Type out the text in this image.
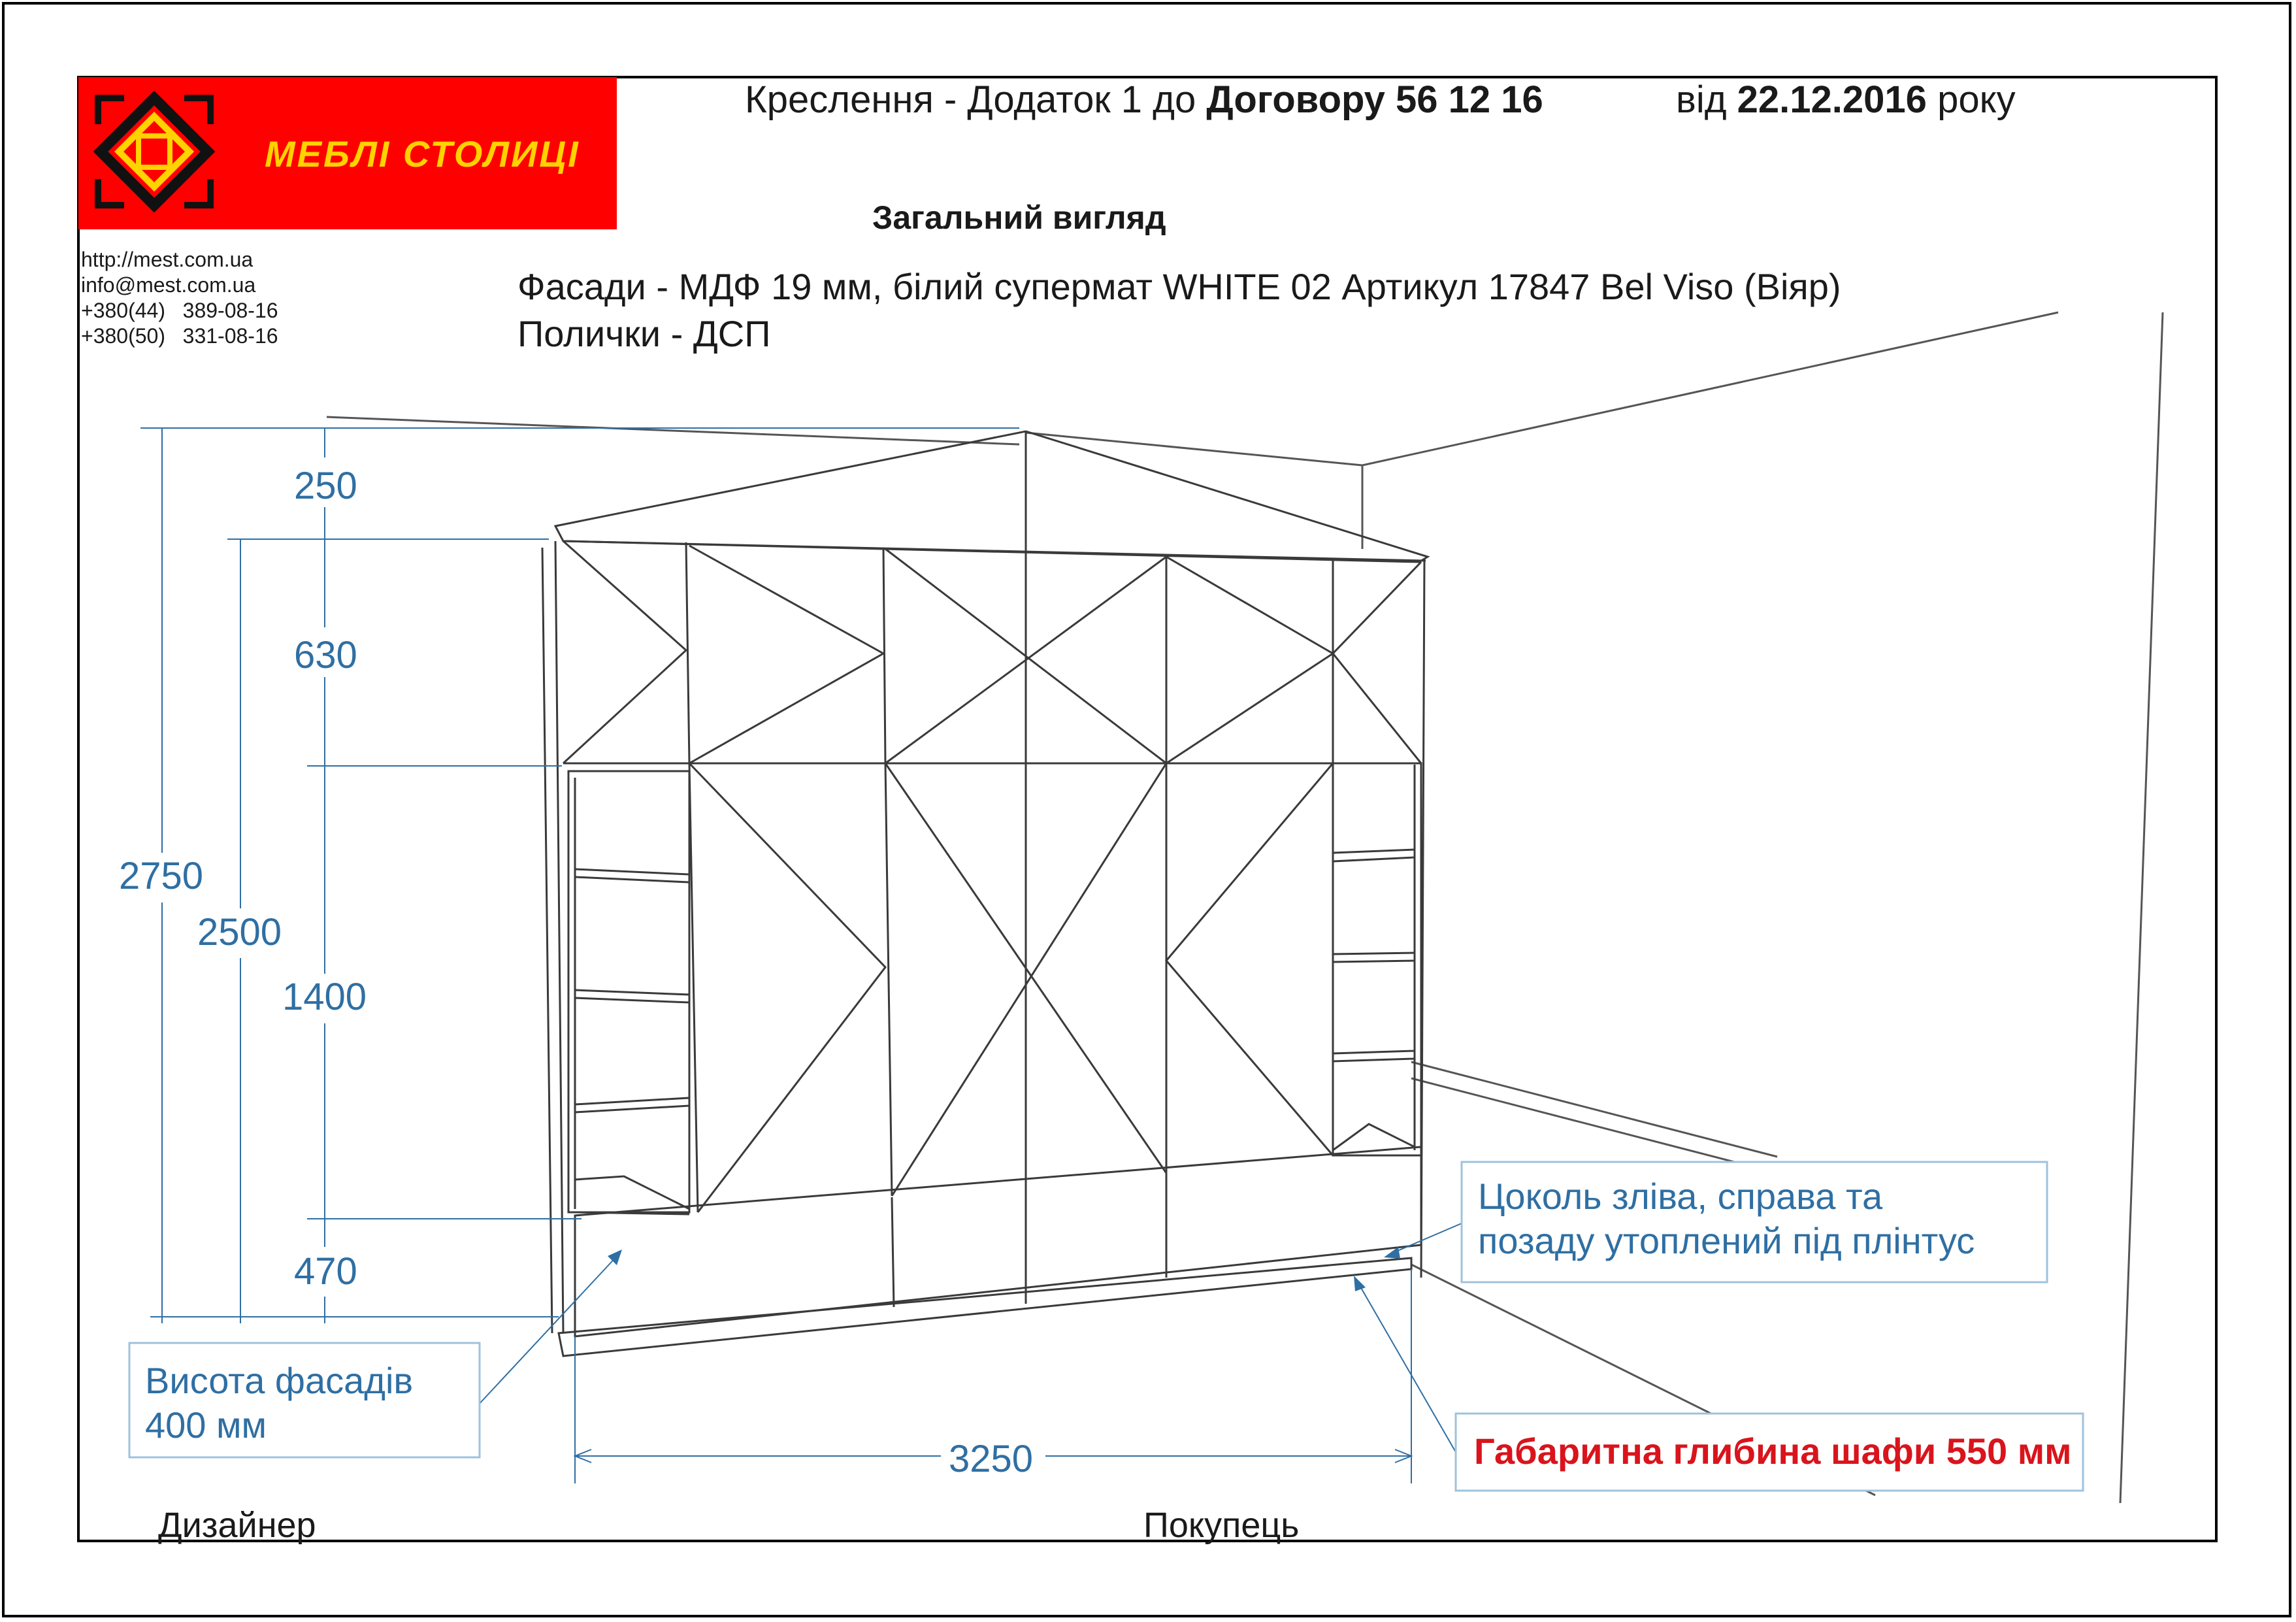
МЕБЛІ СТОЛИЦІ
http://mest.com.ua
info@mest.com.ua
+380(44)   389-08-16
+380(50)   331-08-16
Креслення - Додаток 1 до Договору 56 12 16	від 22.12.2016 року
Загальний вигляд
Фасади - МДФ 19 мм, білий супермат WHITE 02 Артикул 17847 Bel Viso (Віяр)
Полички - ДСП
250
630
2750
2500
1400
470
3250
Висота фасадів
400 мм
Цоколь зліва, справа та
позаду утоплений під плінтус
Габаритна глибина шафи 550 мм
Дизайнер	Покупець
